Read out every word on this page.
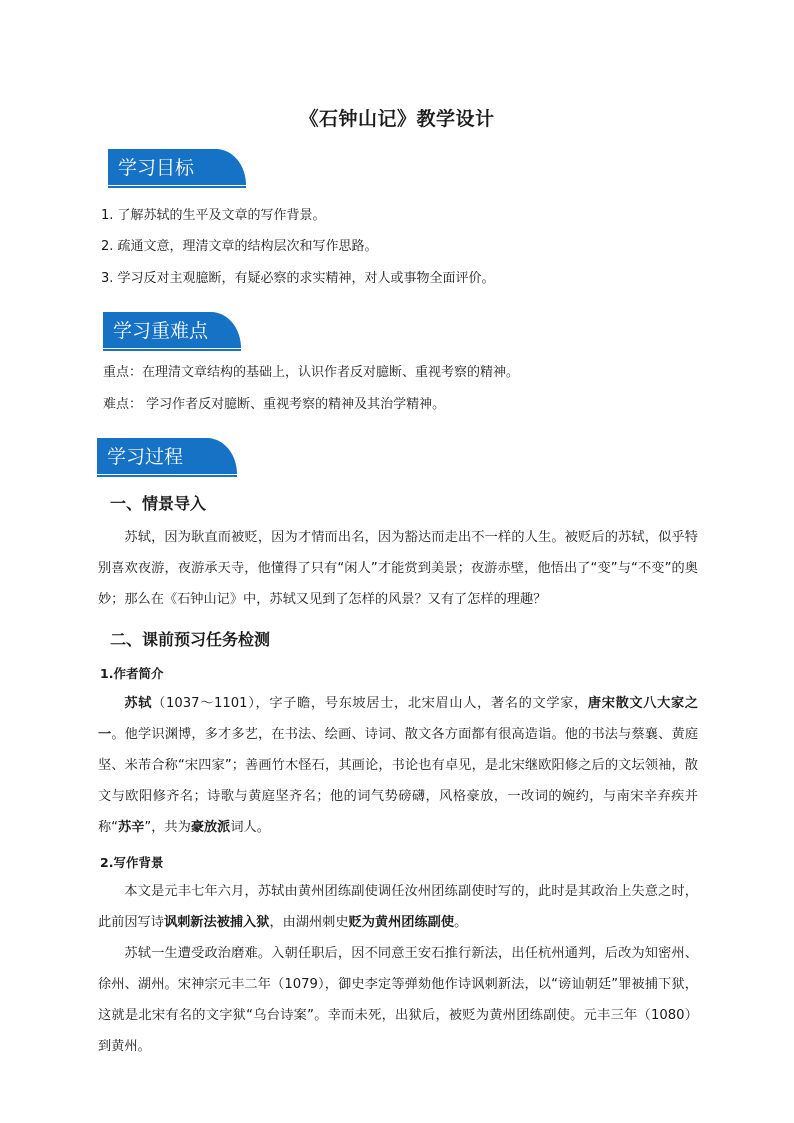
《石钟山记》教学设计
学习目标
1. 了解苏轼的生平及文章的写作背景。
2. 疏通文意，理清文章的结构层次和写作思路。
3. 学习反对主观臆断，有疑必察的求实精神，对人或事物全面评价。
学习重难点
重点：在理清文章结构的基础上，认识作者反对臆断、重视考察的精神。
难点： 学习作者反对臆断、重视考察的精神及其治学精神。
学习过程
一、情景导入

苏轼，因为耿直而被贬，因为才情而出名，因为豁达而走出不一样的人生。被贬后的苏轼，似乎特别喜欢夜游，夜游承天寺，他懂得了只有“闲人”才能赏到美景；夜游赤壁，他悟出了“变”与“不变”的奥妙；那么在《石钟山记》中，苏轼又见到了怎样的风景？又有了怎样的理趣？

二、课前预习任务检测
1.作者简介

苏轼（1037～1101），字子瞻，号东坡居士，北宋眉山人，著名的文学家，唐宋散文八大家之一。他学识渊博，多才多艺，在书法、绘画、诗词、散文各方面都有很高造诣。他的书法与蔡襄、黄庭坚、米芾合称“宋四家”；善画竹木怪石，其画论，书论也有卓见，是北宋继欧阳修之后的文坛领袖，散文与欧阳修齐名；诗歌与黄庭坚齐名；他的词气势磅礴，风格豪放，一改词的婉约，与南宋辛弃疾并称“苏辛”，共为豪放派词人。

2.写作背景

本文是元丰七年六月，苏轼由黄州团练副使调任汝州团练副使时写的，此时是其政治上失意之时，此前因写诗讽刺新法被捕入狱，由湖州刺史贬为黄州团练副使。

苏轼一生遭受政治磨难。入朝任职后，因不同意王安石推行新法，出任杭州通判，后改为知密州、徐州、湖州。宋神宗元丰二年（1079），御史李定等弹劾他作诗讽刺新法，以“谤讪朝廷”罪被捕下狱，这就是北宋有名的文字狱“乌台诗案”。幸而未死，出狱后，被贬为黄州团练副使。元丰三年（1080）到黄州。
